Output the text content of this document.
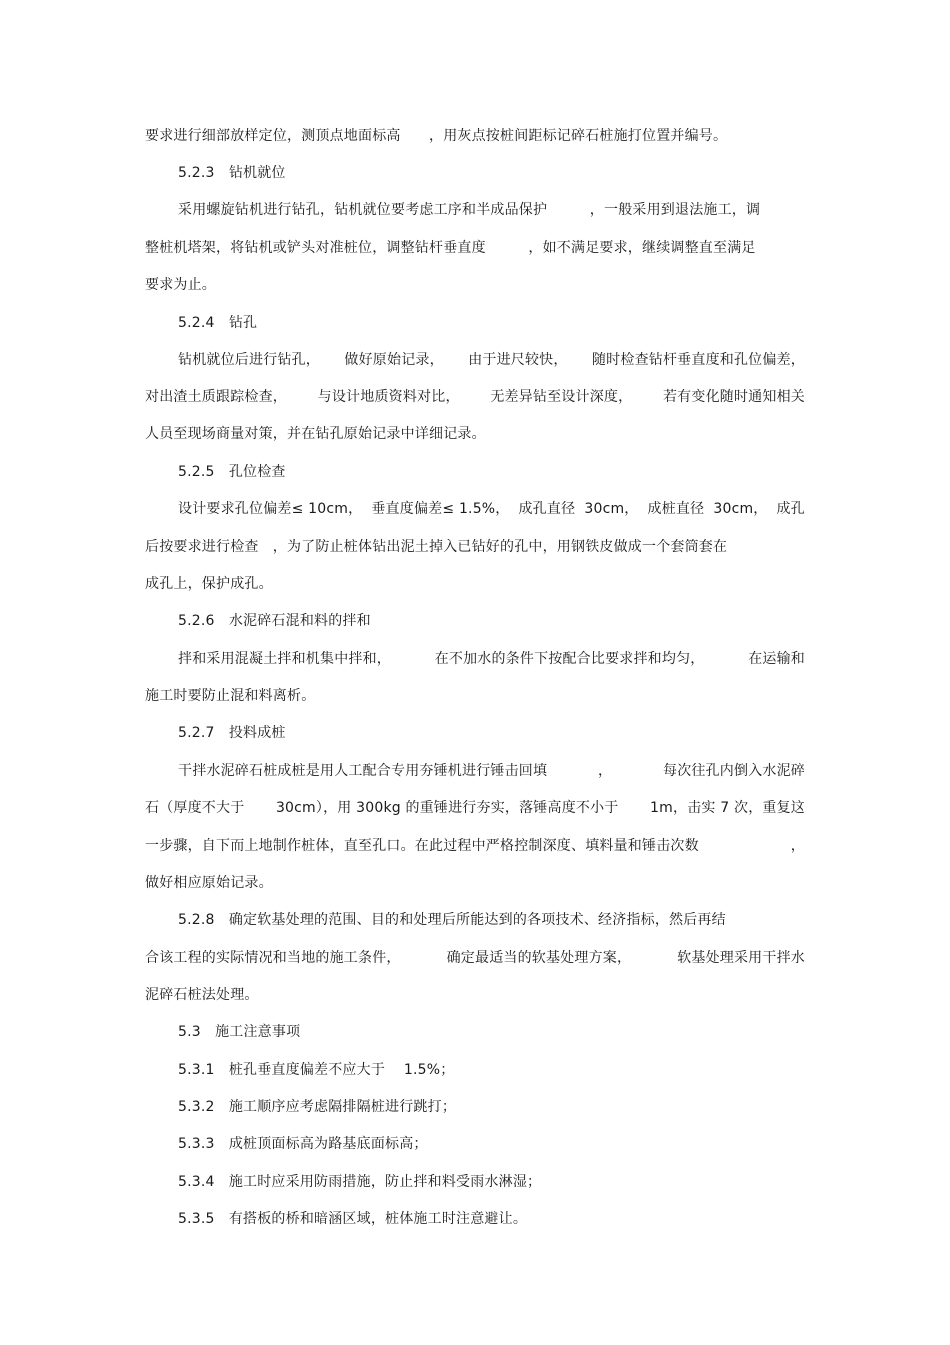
要求进行细部放样定位，测顶点地面标高　　，用灰点按桩间距标记碎石桩施打位置并编号。
5.2.3　钻机就位
采用螺旋钻机进行钻孔，钻机就位要考虑工序和半成品保护　　　，一般采用到退法施工，调
整桩机塔架，将钻机或铲头对准桩位，调整钻杆垂直度　　　，如不满足要求，继续调整直至满足
要求为止。
5.2.4　钻孔
钻机就位后进行钻孔， 做好原始记录， 由于进尺较快， 随时检查钻杆垂直度和孔位偏差，
对出渣土质跟踪检查， 与设计地质资料对比， 无差异钻至设计深度， 若有变化随时通知相关
人员至现场商量对策，并在钻孔原始记录中详细记录。
5.2.5　孔位检查
设计要求孔位偏差≤ 10cm， 垂直度偏差≤ 1.5%， 成孔直径 30cm， 成桩直径 30cm， 成孔
后按要求进行检查　，为了防止桩体钻出泥土掉入已钻好的孔中，用钢铁皮做成一个套筒套在
成孔上，保护成孔。
5.2.6　水泥碎石混和料的拌和
拌和采用混凝土拌和机集中拌和，	在不加水的条件下按配合比要求拌和均匀，	在运输和
施工时要防止混和料离析。
5.2.7　投料成桩
干拌水泥碎石桩成桩是用人工配合专用夯锤机进行锤击回填	，	每次往孔内倒入水泥碎
石（厚度不大于 30cm），用 300kg 的重锤进行夯实，落锤高度不小于 1m，击实 7 次，重复这
一步骤，自下而上地制作桩体，直至孔口。在此过程中严格控制深度、填料量和锤击次数	，
做好相应原始记录。
5.2.8　确定软基处理的范围、目的和处理后所能达到的各项技术、经济指标，然后再结
合该工程的实际情况和当地的施工条件，	确定最适当的软基处理方案，	软基处理采用干拌水
泥碎石桩法处理。
5.3　施工注意事项
5.3.1　桩孔垂直度偏差不应大于　 1.5%；
5.3.2　施工顺序应考虑隔排隔桩进行跳打；
5.3.3　成桩顶面标高为路基底面标高；
5.3.4　施工时应采用防雨措施，防止拌和料受雨水淋湿；
5.3.5　有搭板的桥和暗涵区域，桩体施工时注意避让。
